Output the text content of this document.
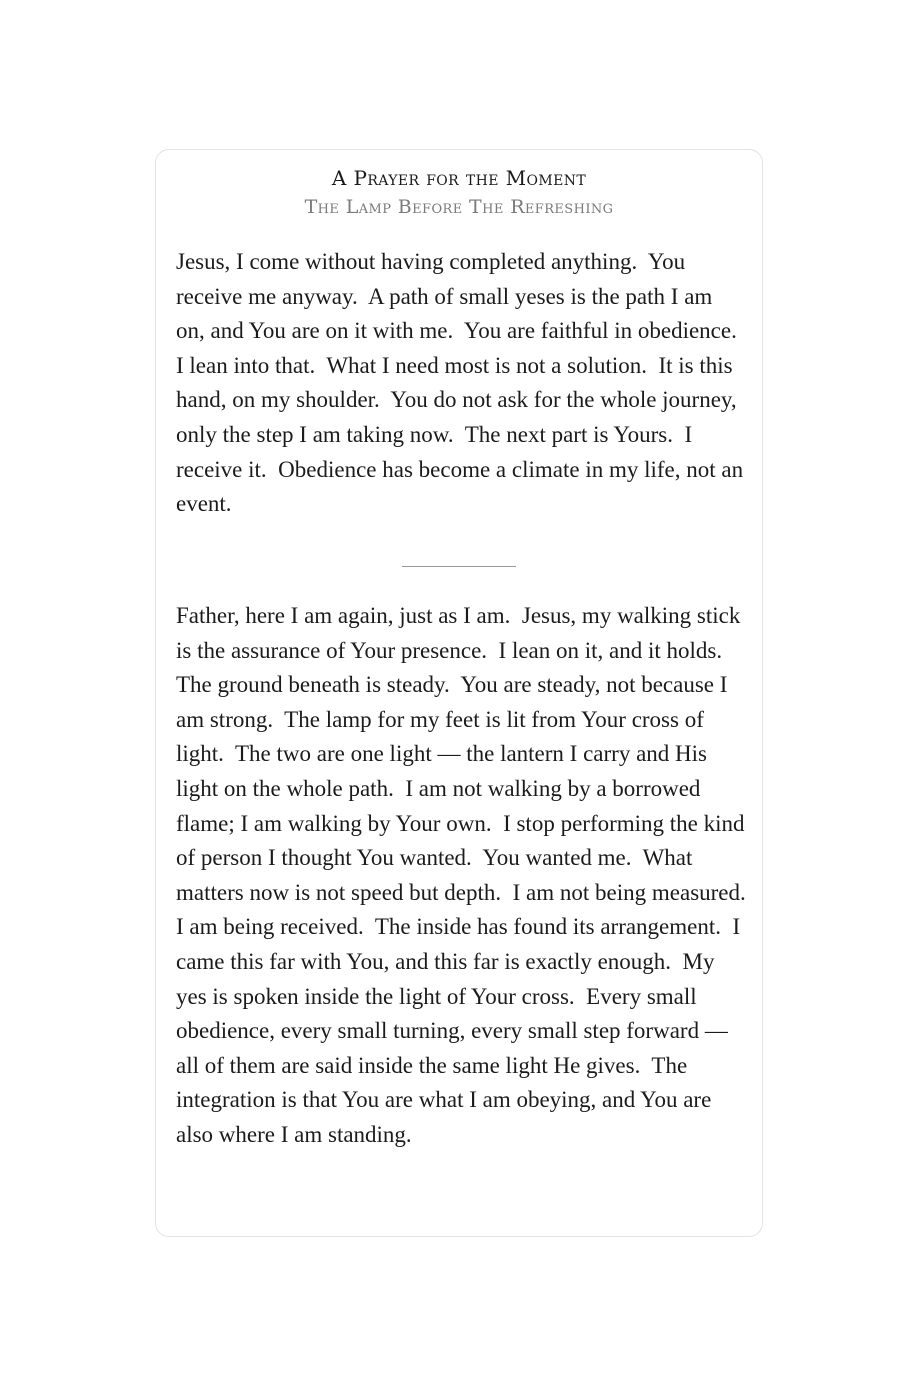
A Prayer for the Moment
The Lamp Before The Refreshing

Jesus, I come without having completed anything.  You receive me anyway.  A path of small yeses is the path I am on, and You are on it with me.  You are faithful in obedience.  I lean into that.  What I need most is not a solution.  It is this hand, on my shoulder.  You do not ask for the whole journey, only the step I am taking now.  The next part is Yours.  I receive it.  Obedience has become a climate in my life, not an event.

Father, here I am again, just as I am.  Jesus, my walking stick is the assurance of Your presence.  I lean on it, and it holds.  The ground beneath is steady.  You are steady, not because I am strong.  The lamp for my feet is lit from Your cross of light.  The two are one light — the lantern I carry and His light on the whole path.  I am not walking by a borrowed flame; I am walking by Your own.  I stop performing the kind of person I thought You wanted.  You wanted me.  What matters now is not speed but depth.  I am not being measured.  I am being received.  The inside has found its arrangement.  I came this far with You, and this far is exactly enough.  My yes is spoken inside the light of Your cross.  Every small obedience, every small turning, every small step forward — all of them are said inside the same light He gives.  The integration is that You are what I am obeying, and You are also where I am standing.
